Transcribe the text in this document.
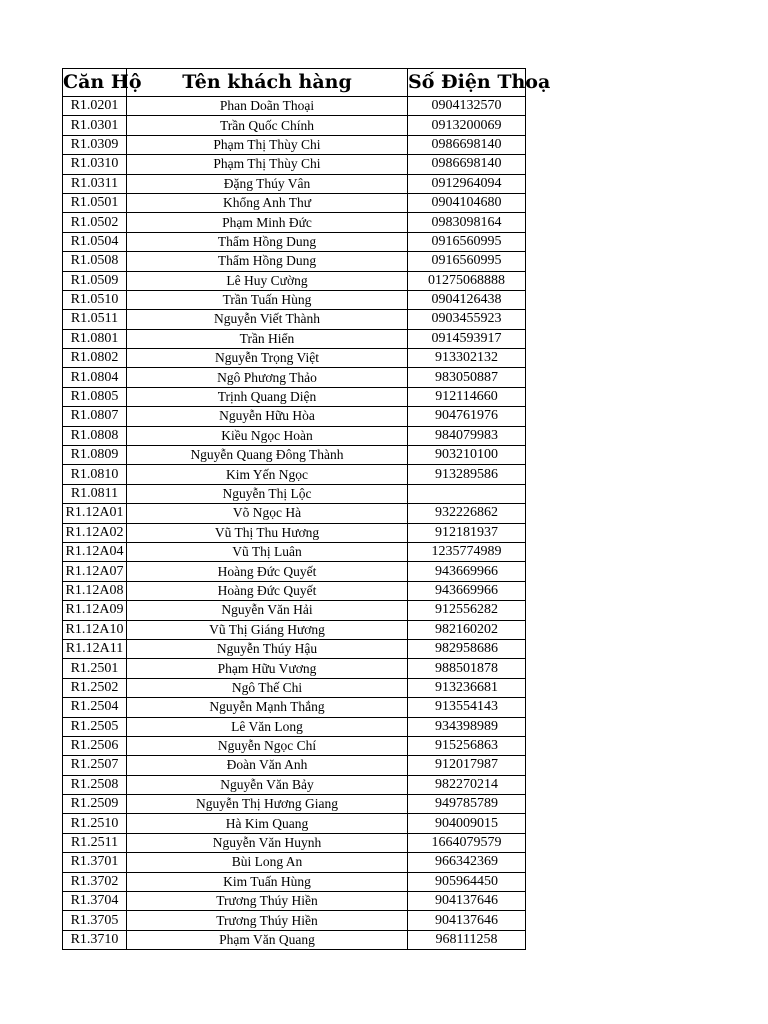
Căn Hộ	Tên khách hàng	Số Điện Thoạ
R1.0201	Phan Doãn Thoại	0904132570
R1.0301	Trần Quốc Chính	0913200069
R1.0309	Phạm Thị Thùy Chi	0986698140
R1.0310	Phạm Thị Thùy Chi	0986698140
R1.0311	Đặng Thúy Vân	0912964094
R1.0501	Khổng Anh Thư	0904104680
R1.0502	Phạm Minh Đức	0983098164
R1.0504	Thẩm Hồng Dung	0916560995
R1.0508	Thẩm Hồng Dung	0916560995
R1.0509	Lê Huy Cường	01275068888
R1.0510	Trần Tuấn Hùng	0904126438
R1.0511	Nguyễn Viết Thành	0903455923
R1.0801	Trần Hiển	0914593917
R1.0802	Nguyễn Trọng Việt	913302132
R1.0804	Ngô Phương Thảo	983050887
R1.0805	Trịnh Quang Diện	912114660
R1.0807	Nguyễn Hữu Hòa	904761976
R1.0808	Kiều Ngọc Hoàn	984079983
R1.0809	Nguyễn Quang Đông Thành	903210100
R1.0810	Kim Yến Ngọc	913289586
R1.0811	Nguyễn Thị Lộc	
R1.12A01	Võ Ngọc Hà	932226862
R1.12A02	Vũ Thị Thu Hương	912181937
R1.12A04	Vũ Thị Luân	1235774989
R1.12A07	Hoàng Đức Quyết	943669966
R1.12A08	Hoàng Đức Quyết	943669966
R1.12A09	Nguyễn Văn Hải	912556282
R1.12A10	Vũ Thị Giáng Hương	982160202
R1.12A11	Nguyễn Thúy Hậu	982958686
R1.2501	Phạm Hữu Vương	988501878
R1.2502	Ngô Thế Chi	913236681
R1.2504	Nguyễn Mạnh Thắng	913554143
R1.2505	Lê Văn Long	934398989
R1.2506	Nguyễn Ngọc Chí	915256863
R1.2507	Đoàn Văn Anh	912017987
R1.2508	Nguyễn Văn Bảy	982270214
R1.2509	Nguyễn Thị Hương Giang	949785789
R1.2510	Hà Kim Quang	904009015
R1.2511	Nguyễn Văn Huynh	1664079579
R1.3701	Bùi Long An	966342369
R1.3702	Kim Tuấn Hùng	905964450
R1.3704	Trương Thúy Hiền	904137646
R1.3705	Trương Thúy Hiền	904137646
R1.3710	Phạm Văn Quang	968111258
